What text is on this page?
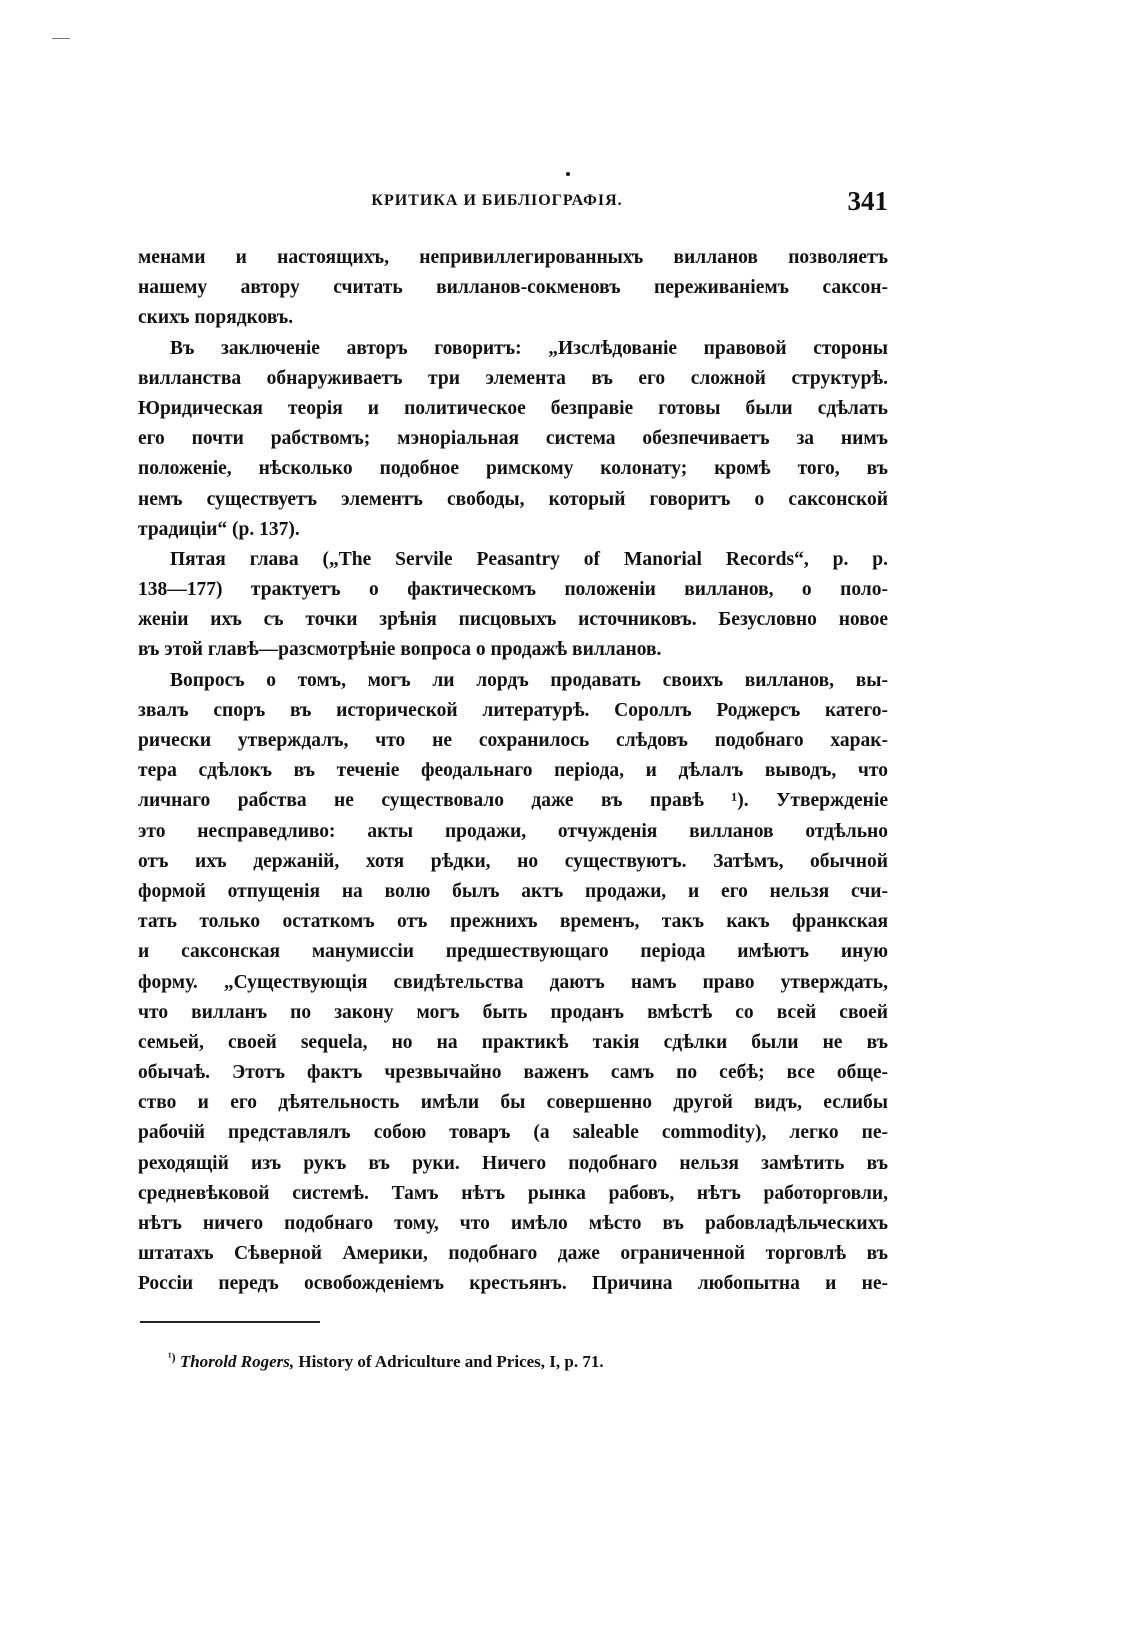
КРИТИКА И БИБЛІОГРАФІЯ.	341
менами и настоящихъ, непривиллегированныхъ вилланов позволяетъ
нашему автору считать вилланов-сокменовъ переживаніемъ саксон-
скихъ порядковъ.
Въ заключеніе авторъ говоритъ: „Изслѣдованіе правовой стороны
вилланства обнаруживаетъ три элемента въ его сложной структурѣ.
Юридическая теорія и политическое безправіе готовы были сдѣлать
его почти рабствомъ; мэноріальная система обезпечиваетъ за нимъ
положеніе, нѣсколько подобное римскому колонату; кромѣ того, въ
немъ существуетъ элементъ свободы, который говоритъ о саксонской
традиціи“ (р. 137).
Пятая глава („The Servile Peasantry of Manorial Records“, p. p.
138—177) трактуетъ о фактическомъ положеніи вилланов, о поло-
женіи ихъ съ точки зрѣнія писцовыхъ источниковъ. Безусловно новое
въ этой главѣ—разсмотрѣніе вопроса о продажѣ вилланов.
Вопросъ о томъ, могъ ли лордъ продавать своихъ вилланов, вы-
звалъ споръ въ исторической литературѣ. Сороллъ Роджерсъ катего-
рически утверждалъ, что не сохранилось слѣдовъ подобнаго харак-
тера сдѣлокъ въ теченіе феодальнаго періода, и дѣлалъ выводъ, что
личнаго рабства не существовало даже въ правѣ ¹). Утвержденіе
это несправедливо: акты продажи, отчужденія вилланов отдѣльно
отъ ихъ держаній, хотя рѣдки, но существуютъ. Затѣмъ, обычной
формой отпущенія на волю былъ актъ продажи, и его нельзя счи-
тать только остаткомъ отъ прежнихъ временъ, такъ какъ франкская
и саксонская манумиссіи предшествующаго періода имѣютъ иную
форму. „Существующія свидѣтельства даютъ намъ право утверждать,
что вилланъ по закону могъ быть проданъ вмѣстѣ со всей своей
семьей, своей sequela, но на практикѣ такія сдѣлки были не въ
обычаѣ. Этотъ фактъ чрезвычайно важенъ самъ по себѣ; все обще-
ство и его дѣятельность имѣли бы совершенно другой видъ, еслибы
рабочій представлялъ собою товаръ (a saleable commodity), легко пе-
реходящій изъ рукъ въ руки. Ничего подобнаго нельзя замѣтить въ
средневѣковой системѣ. Тамъ нѣтъ рынка рабовъ, нѣтъ работорговли,
нѣтъ ничего подобнаго тому, что имѣло мѣсто въ рабовладѣльческихъ
штатахъ Сѣверной Америки, подобнаго даже ограниченной торговлѣ въ
Россіи передъ освобожденіемъ крестьянъ. Причина любопытна и не-
$^{^1)}$ Thorold Rogers, History of Adriculture and Prices, I, p. 71.
